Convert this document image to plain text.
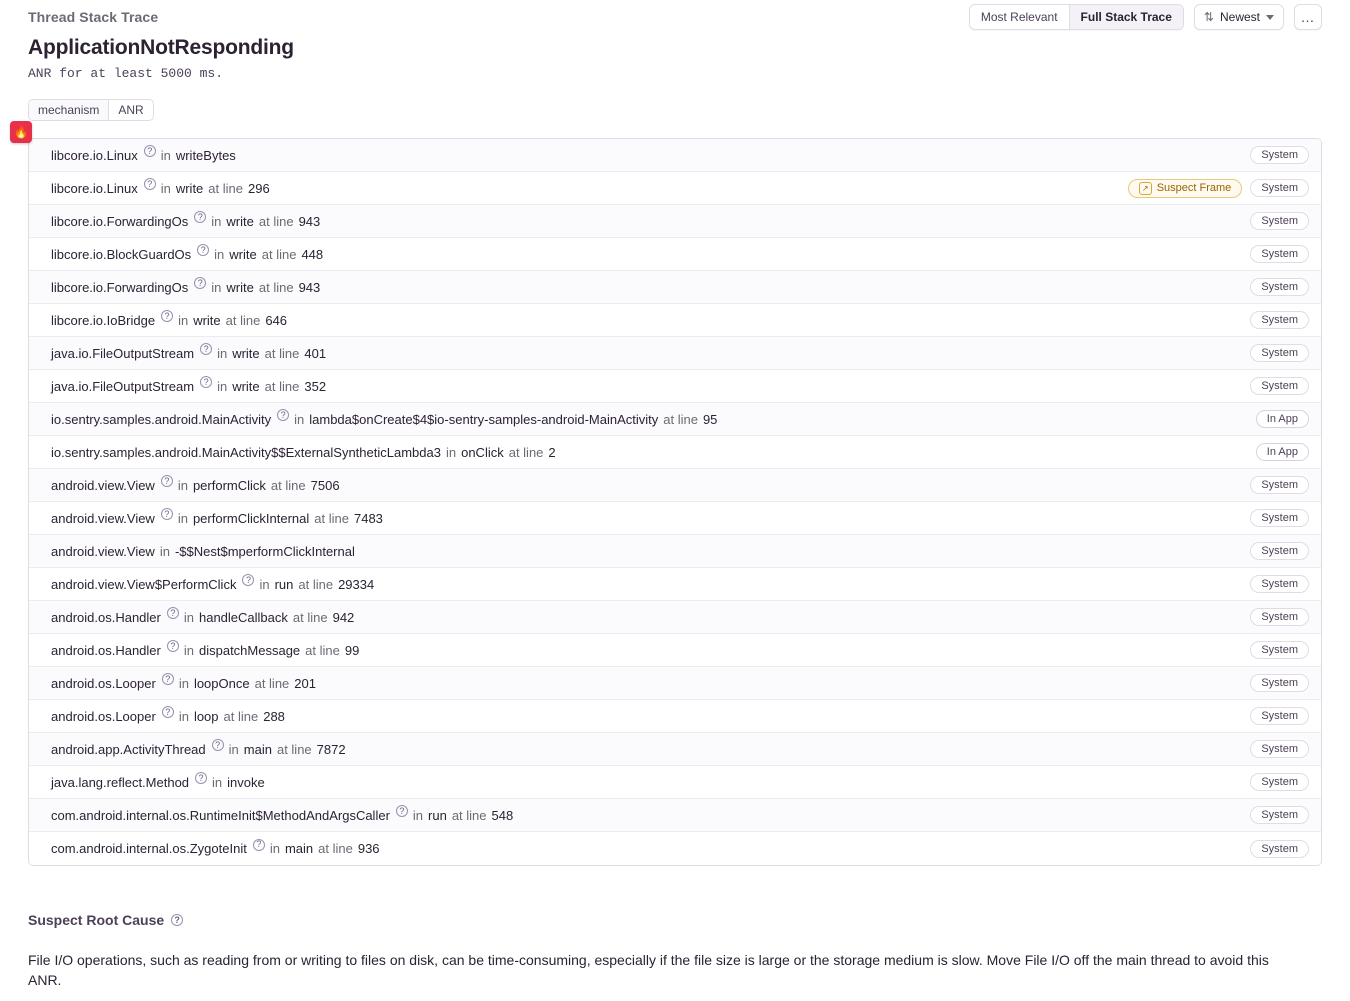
Thread Stack Trace	Most Relevant	Full Stack Trace	⇅ Newest	…
ApplicationNotResponding

ANR for at least 5000 ms.

mechanism	ANR
🔥
libcore.io.Linux	? in writeBytes	System
libcore.io.Linux	? in write at line 296	↗ Suspect Frame	System
libcore.io.ForwardingOs	? in write at line 943	System
libcore.io.BlockGuardOs	? in write at line 448	System
libcore.io.ForwardingOs	? in write at line 943	System
libcore.io.IoBridge	? in write at line 646	System
java.io.FileOutputStream	? in write at line 401	System
java.io.FileOutputStream	? in write at line 352	System
io.sentry.samples.android.MainActivity	? in lambda$onCreate$4$io-sentry-samples-android-MainActivity at line 95	In App
io.sentry.samples.android.MainActivity$$ExternalSyntheticLambda3 in onClick at line 2	In App
android.view.View	? in performClick at line 7506	System
android.view.View	? in performClickInternal at line 7483	System
android.view.View in -$$Nest$mperformClickInternal	System
android.view.View$PerformClick	? in run at line 29334	System
android.os.Handler	? in handleCallback at line 942	System
android.os.Handler	? in dispatchMessage at line 99	System
android.os.Looper	? in loopOnce at line 201	System
android.os.Looper	? in loop at line 288	System
android.app.ActivityThread	? in main at line 7872	System
java.lang.reflect.Method	? in invoke	System
com.android.internal.os.RuntimeInit$MethodAndArgsCaller	? in run at line 548	System
com.android.internal.os.ZygoteInit	? in main at line 936	System
Suspect Root Cause	?
File I/O operations, such as reading from or writing to files on disk, can be time-consuming, especially if the file size is large or the storage medium is slow. Move File I/O off the main thread to avoid this ANR.
